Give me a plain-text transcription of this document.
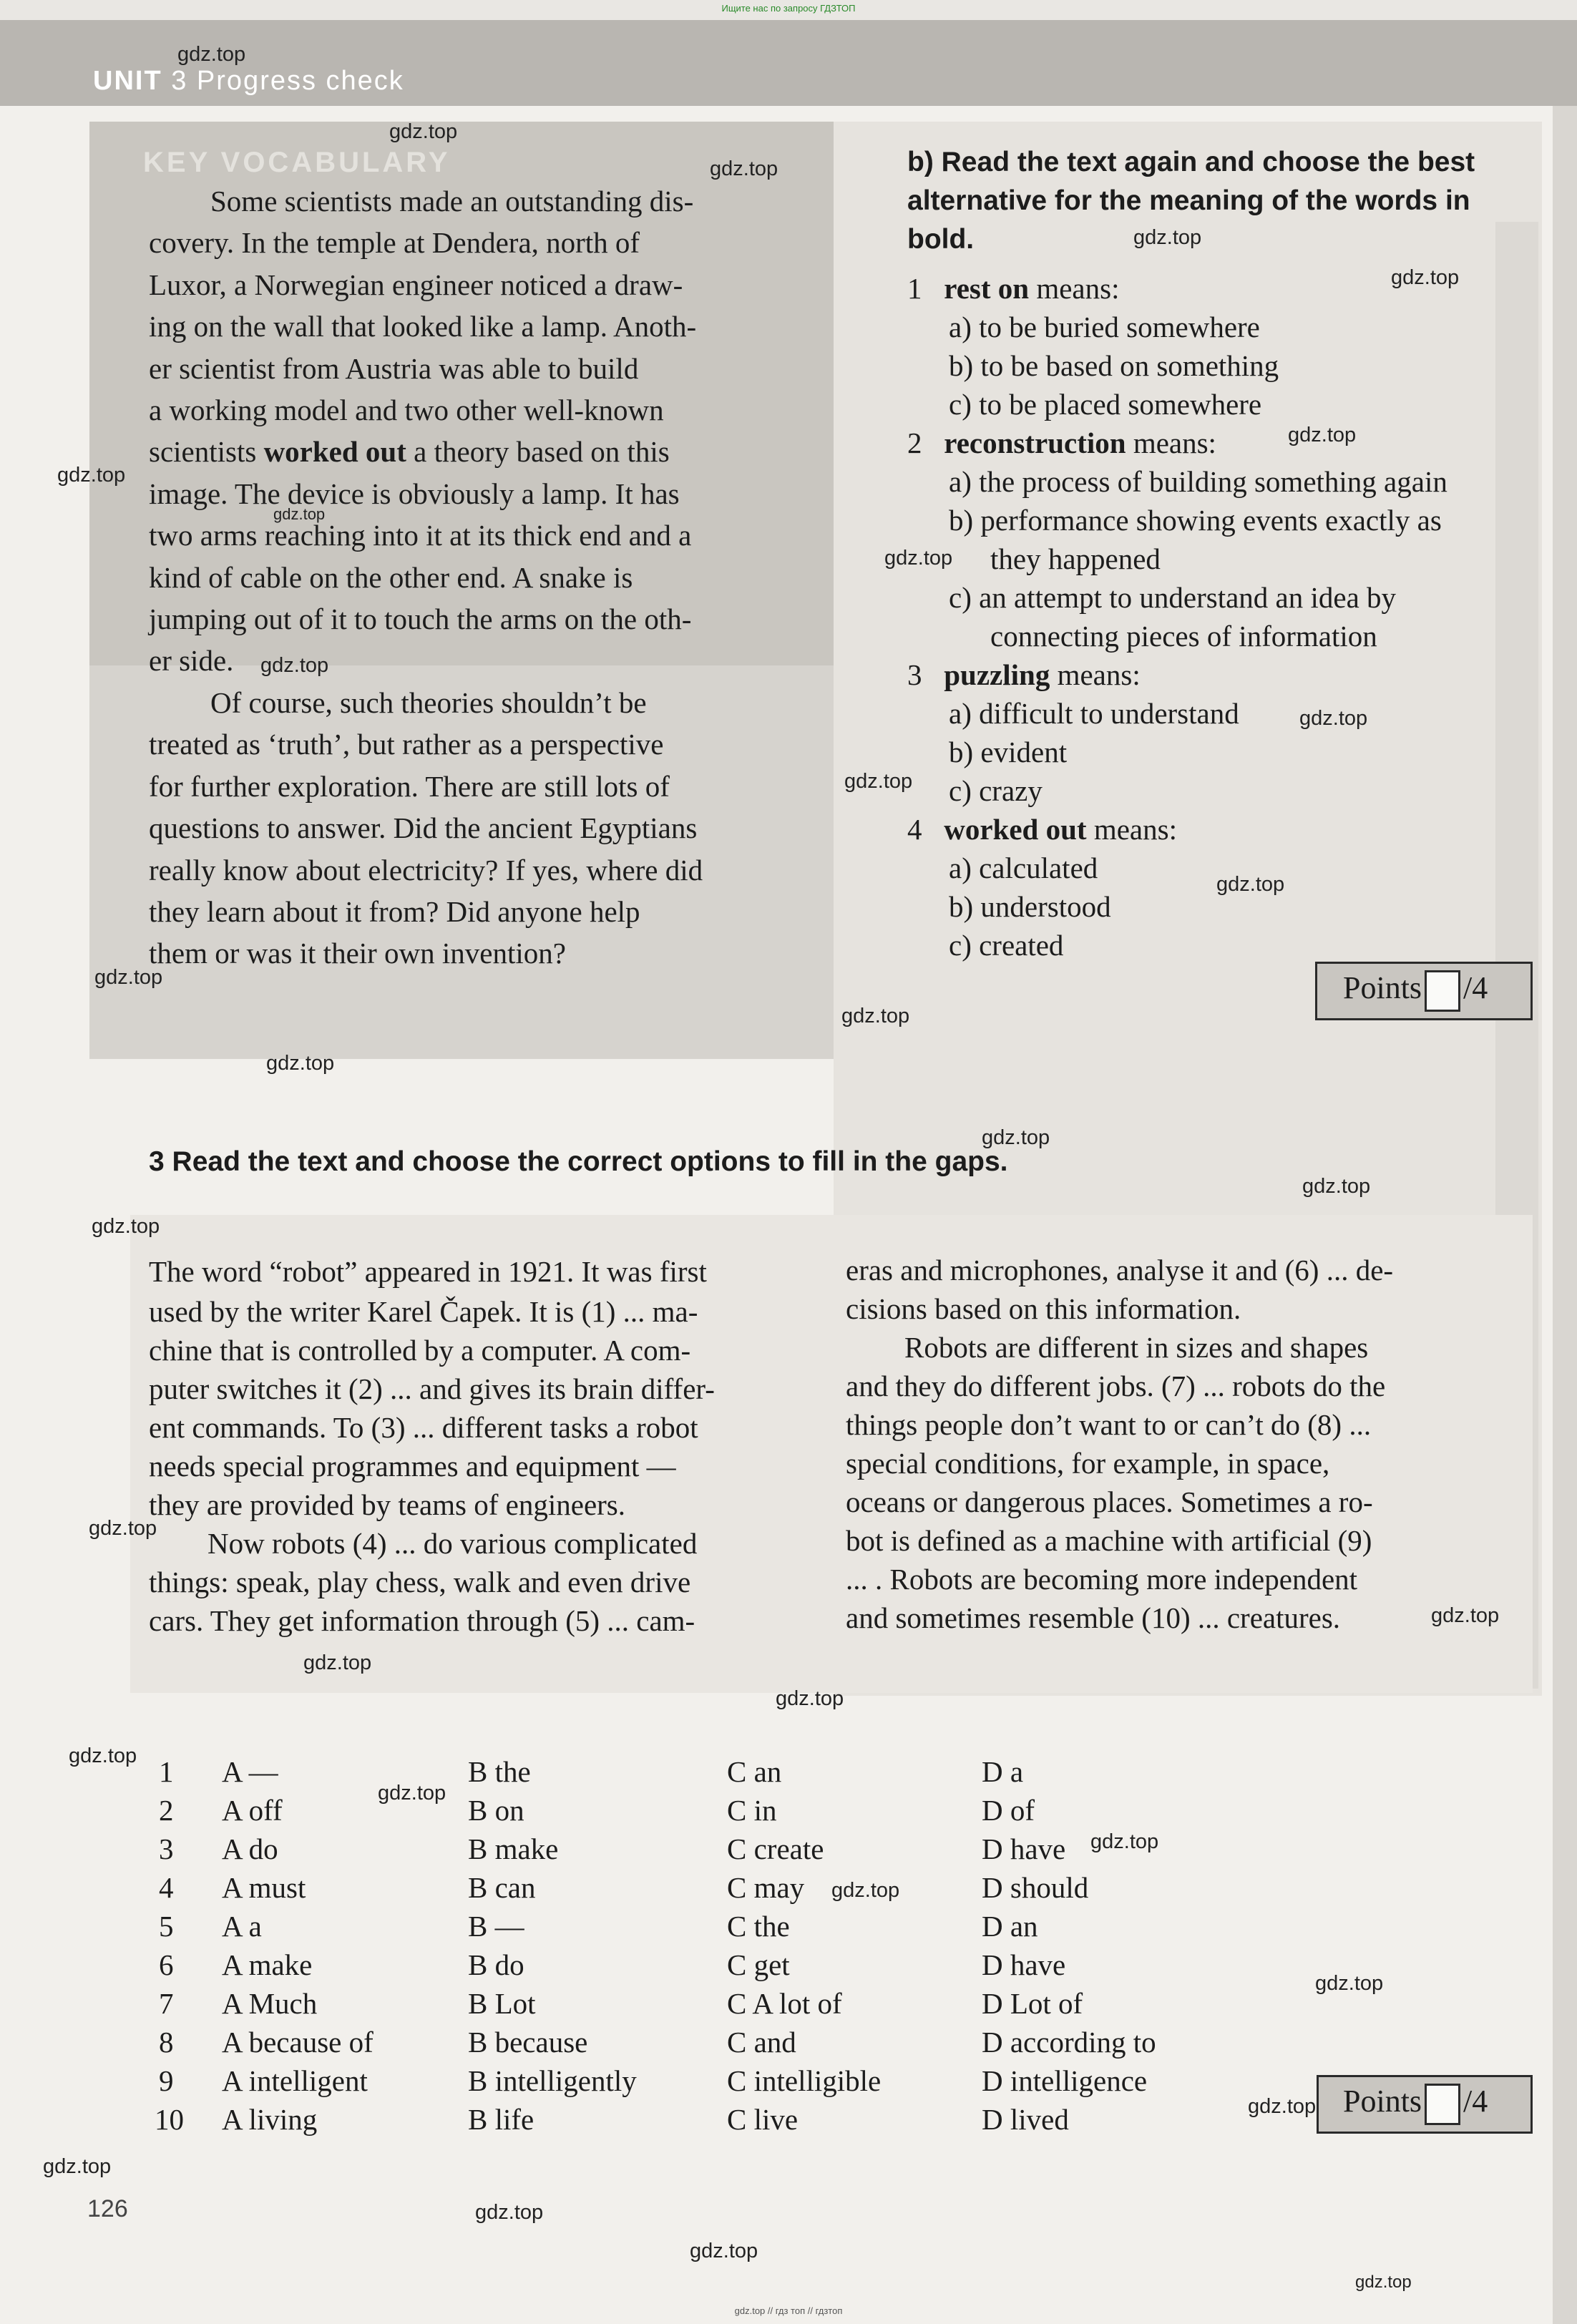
Ищите нас по запросу ГДЗТОП
UNIT 3 Progress check
KEY VOCABULARY
Some scientists made an outstanding dis-
covery. In the temple at Dendera, north of
Luxor, a Norwegian engineer noticed a draw-
ing on the wall that looked like a lamp. Anoth-
er scientist from Austria was able to build
a working model and two other well-known
scientists worked out a theory based on this
image. The device is obviously a lamp. It has
two arms reaching into it at its thick end and a
kind of cable on the other end. A snake is
jumping out of it to touch the arms on the oth-
er side.
Of course, such theories shouldn’t be
treated as ‘truth’, but rather as a perspective
for further exploration. There are still lots of
questions to answer. Did the ancient Egyptians
really know about electricity? If yes, where did
they learn about it from? Did anyone help
them or was it their own invention?
b) Read the text again and choose the best
alternative for the meaning of the words in
bold.
1 rest on means:
a) to be buried somewhere
b) to be based on something
c) to be placed somewhere
2 reconstruction means:
a) the process of building something again
b) performance showing events exactly as
they happened
c) an attempt to understand an idea by
connecting pieces of information
3 puzzling means:
a) difficult to understand
b) evident
c) crazy
4 worked out means:
a) calculated
b) understood
c) created
Points /4
3 Read the text and choose the correct options to fill in the gaps.
The word “robot” appeared in 1921. It was first
used by the writer Karel Čapek. It is (1) ... ma-
chine that is controlled by a computer. A com-
puter switches it (2) ... and gives its brain differ-
ent commands. To (3) ... different tasks a robot
needs special programmes and equipment —
they are provided by teams of engineers.
Now robots (4) ... do various complicated
things: speak, play chess, walk and even drive
cars. They get information through (5) ... cam-
eras and microphones, analyse it and (6) ... de-
cisions based on this information.
Robots are different in sizes and shapes
and they do different jobs. (7) ... robots do the
things people don’t want to or can’t do (8) ...
special conditions, for example, in space,
oceans or dangerous places. Sometimes a ro-
bot is defined as a machine with artificial (9)
... . Robots are becoming more independent
and sometimes resemble (10) ... creatures.
1 A —	B the	C an	D a
2 A off	B on	C in	D of
3 A do	B make	C create	D have
4 A must	B can	C may	D should
5 A a	B —	C the	D an
6 A make	B do	C get	D have
7 A Much	B Lot	C A lot of	D Lot of
8 A because of	B because	C and	D according to
9 A intelligent	B intelligently	C intelligible	D intelligence
10 A living	B life	C live	D lived
Points /4
gdz.top
gdz.top
gdz.top
gdz.top
gdz.top
gdz.top
gdz.top
gdz.top
gdz.top
gdz.top
gdz.top
gdz.top
gdz.top
gdz.top
gdz.top
gdz.top
gdz.top
gdz.top
gdz.top
gdz.top
gdz.top
gdz.top
gdz.top
gdz.top
gdz.top
gdz.top
gdz.top
gdz.top
gdz.top
gdz.top
gdz.top
gdz.top
gdz.top
126
gdz.top // гдз топ // гдзтоп
